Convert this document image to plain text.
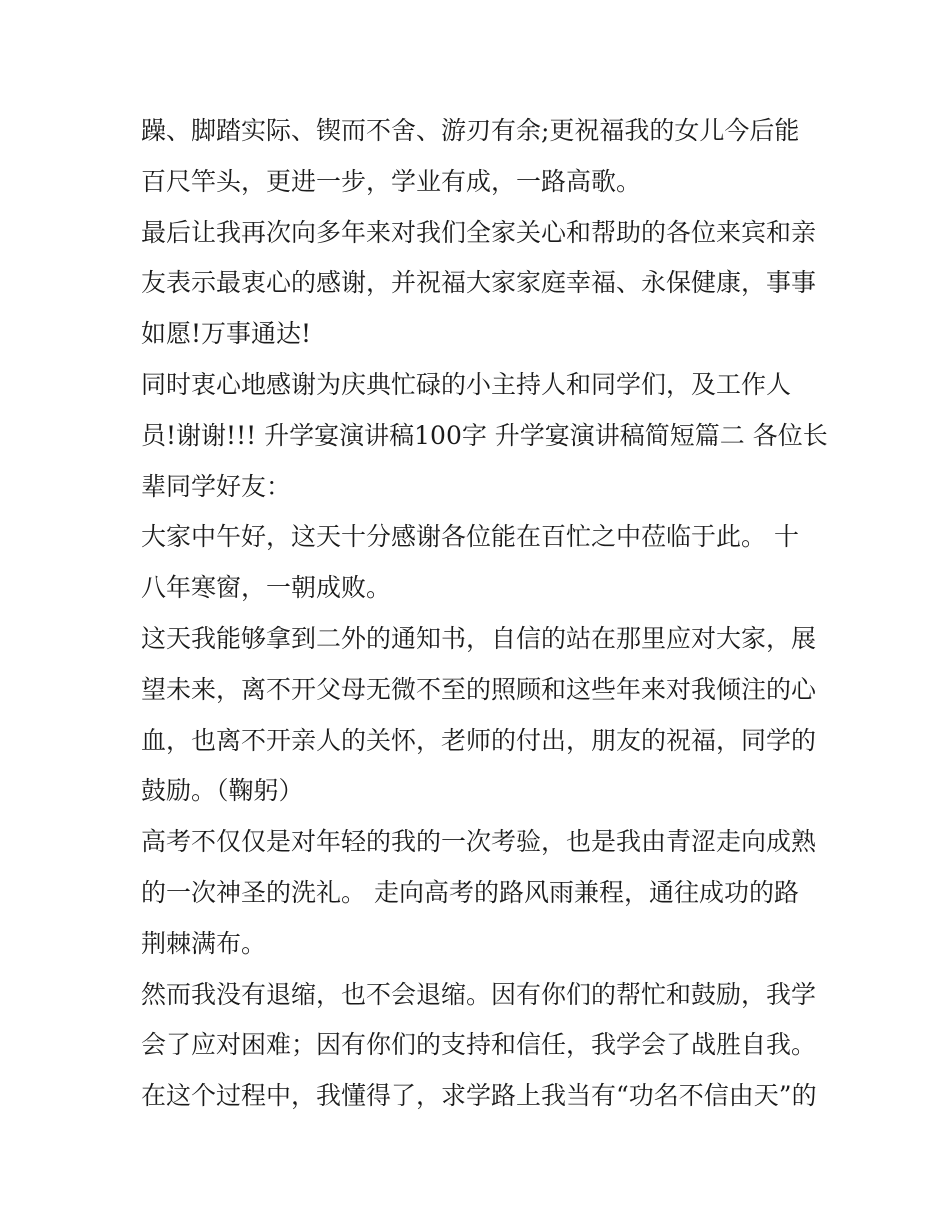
躁、脚踏实际、锲而不舍、游刃有余;更祝福我的女儿今后能
百尺竿头，更进一步，学业有成，一路高歌。
最后让我再次向多年来对我们全家关心和帮助的各位来宾和亲
友表示最衷心的感谢，并祝福大家家庭幸福、永保健康，事事
如愿!万事通达!
同时衷心地感谢为庆典忙碌的小主持人和同学们，及工作人
员!谢谢!!! 升学宴演讲稿100字 升学宴演讲稿简短篇二 各位长
辈同学好友：
大家中午好，这天十分感谢各位能在百忙之中莅临于此。 十
八年寒窗，一朝成败。
这天我能够拿到二外的通知书，自信的站在那里应对大家，展
望未来，离不开父母无微不至的照顾和这些年来对我倾注的心
血，也离不开亲人的关怀，老师的付出，朋友的祝福，同学的
鼓励。（鞠躬）
高考不仅仅是对年轻的我的一次考验，也是我由青涩走向成熟
的一次神圣的洗礼。 走向高考的路风雨兼程，通往成功的路
荆棘满布。
然而我没有退缩，也不会退缩。因有你们的帮忙和鼓励，我学
会了应对困难；因有你们的支持和信任，我学会了战胜自我。
在这个过程中，我懂得了，求学路上我当有“功名不信由天”的
